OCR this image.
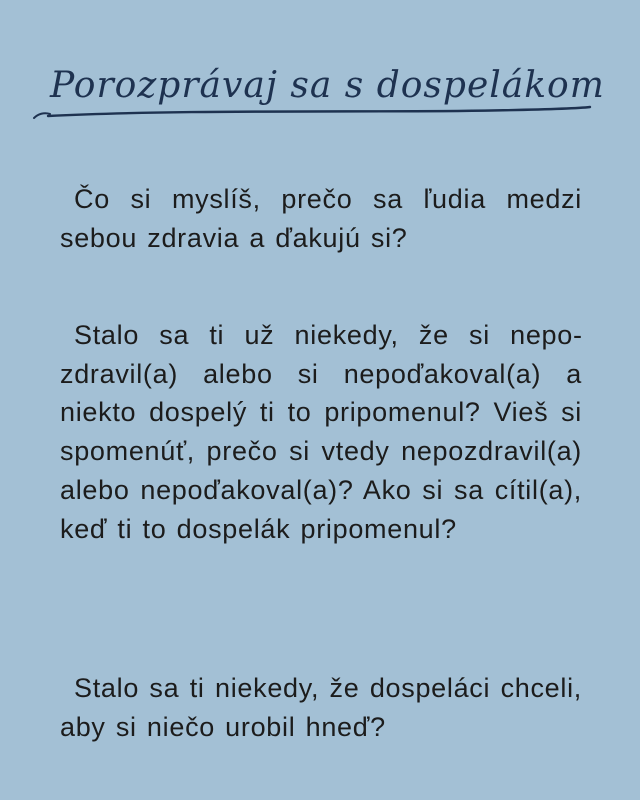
Porozprávaj sa s dospelákom

Čo si myslíš, prečo sa ľudia medzi sebou zdravia a ďakujú si?

Stalo sa ti už niekedy, že si nepozdravil(a) alebo si nepoďakoval(a) a niekto dospelý ti to pripomenul? Vieš si spomenúť, prečo si vtedy nepozdravil(a) alebo nepoďakoval(a)? Ako si sa cítil(a), keď ti to dospelák pripomenul?

Stalo sa ti niekedy, že dospeláci chceli, aby si niečo urobil hneď?
